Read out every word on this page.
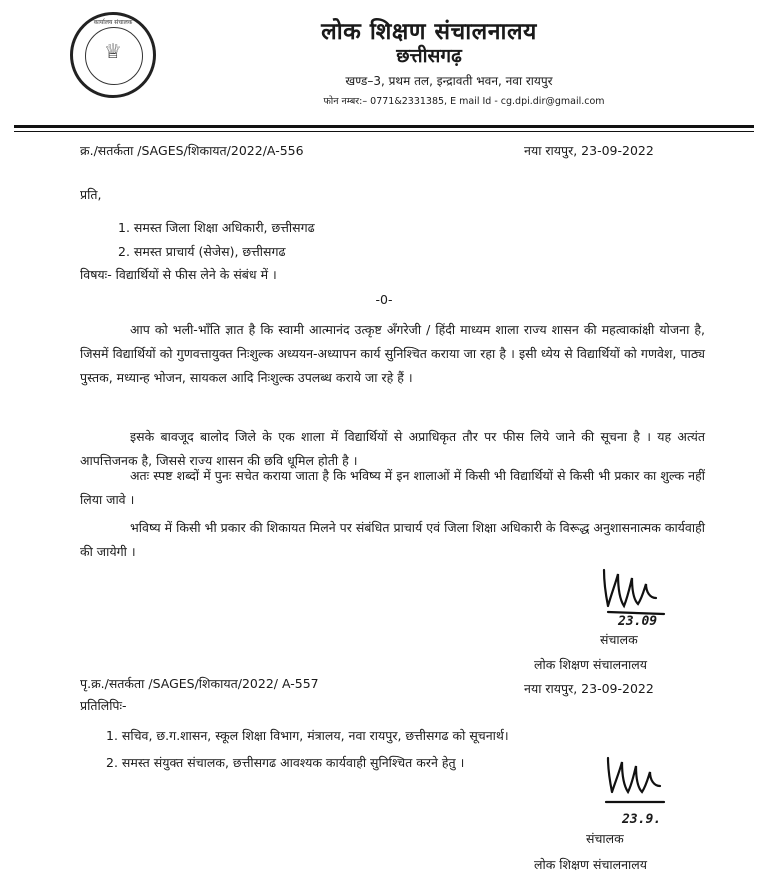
कार्यालय संचालक
♕
लोक शिक्षण संचालनालय
छत्तीसगढ़
खण्ड–3, प्रथम तल, इन्द्रावती भवन, नवा रायपुर
फोन नम्बर:– 0771&2331385, E mail Id - cg.dpi.dir@gmail.com
क्र./सतर्कता /SAGES/शिकायत/2022/A-556	नया रायपुर, 23-09-2022
प्रति,
1. समस्त जिला शिक्षा अधिकारी, छत्तीसगढ
2. समस्त प्राचार्य (सेजेस), छत्तीसगढ
विषयः- विद्यार्थियों से फीस लेने के संबंध में ।
-0-

आप को भली-भाँति ज्ञात है कि स्वामी आत्मानंद उत्कृष्ट अँगरेजी / हिंदी माध्यम शाला राज्य शासन की महत्वाकांक्षी योजना है, जिसमें विद्यार्थियों को गुणवत्तायुक्त निःशुल्क अध्ययन-अध्यापन कार्य सुनिश्चित कराया जा रहा है । इसी ध्येय से विद्यार्थियों को गणवेश, पाठ्य पुस्तक, मध्यान्ह भोजन, सायकल आदि निःशुल्क उपलब्ध कराये जा रहे हैं ।

इसके बावजूद बालोद जिले के एक शाला में विद्यार्थियों से अप्राधिकृत तौर पर फीस लिये जाने की सूचना है । यह अत्यंत आपत्तिजनक है, जिससे राज्य शासन की छवि धूमिल होती है ।

अतः स्पष्ट शब्दों में पुनः सचेत कराया जाता है कि भविष्य में इन शालाओं में किसी भी विद्यार्थियों से किसी भी प्रकार का शुल्क नहीं लिया जावे ।

भविष्य में किसी भी प्रकार की शिकायत मिलने पर संबंधित प्राचार्य एवं जिला शिक्षा अधिकारी के विरूद्ध अनुशासनात्मक कार्यवाही की जायेगी ।

23.09
संचालक
लोक शिक्षण संचालनालय
पृ.क्र./सतर्कता /SAGES/शिकायत/2022/ A-557	नया रायपुर, 23-09-2022
प्रतिलिपिः-
1. सचिव, छ.ग.शासन, स्कूल शिक्षा विभाग, मंत्रालय, नवा रायपुर, छत्तीसगढ को सूचनार्थ।
2. समस्त संयुक्त संचालक, छत्तीसगढ आवश्यक कार्यवाही सुनिश्चित करने हेतु ।
23.9.
संचालक
लोक शिक्षण संचालनालय
